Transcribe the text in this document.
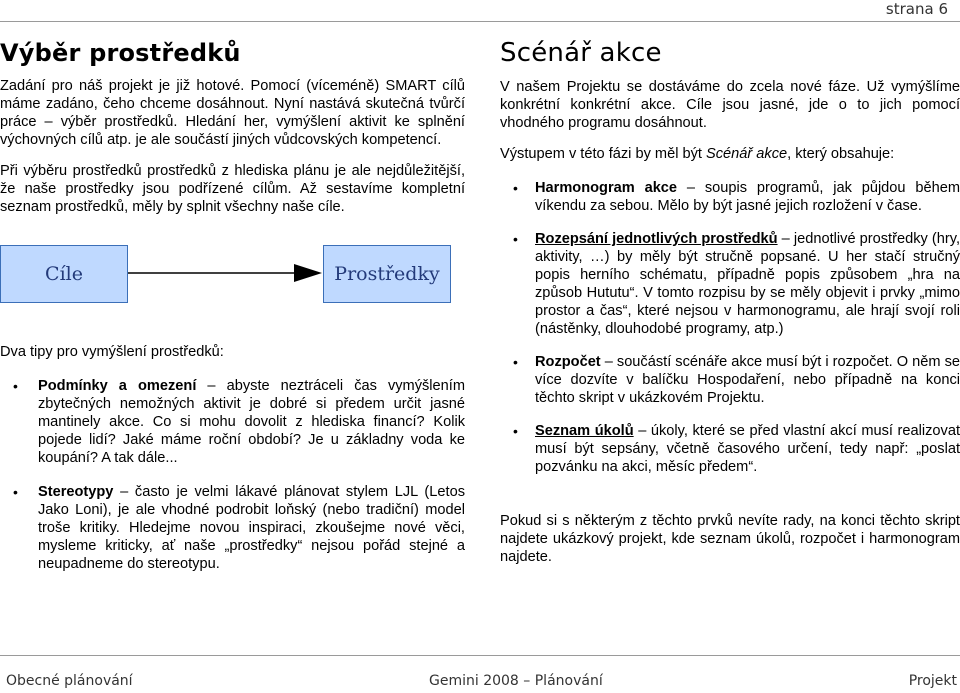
strana 6
Výběr prostředků

Zadání pro náš projekt je již hotové. Pomocí (víceméně) SMART cílů máme zadáno, čeho chceme dosáhnout. Nyní nastává skutečná tvůrčí práce – výběr prostředků. Hledání her, vymýšlení aktivit ke splnění výchovných cílů atp. je ale součástí jiných vůdcovských kompetencí.

Při výběru prostředků prostředků z hlediska plánu je ale nejdůležitější, že naše prostředky jsou podřízené cílům. Až sestavíme kompletní seznam prostředků, měly by splnit všechny naše cíle.

Cíle	Prostředky

Dva tipy pro vymýšlení prostředků:

• Podmínky a omezení – abyste neztráceli čas vymýšlením zbytečných nemožných aktivit je dobré si předem určit jasné mantinely akce. Co si mohu dovolit z hlediska financí? Kolik pojede lidí? Jaké máme roční období? Je u základny voda ke koupání? A tak dále...

• Stereotypy – často je velmi lákavé plánovat stylem LJL (Letos Jako Loni), je ale vhodné podrobit loňský (nebo tradiční) model troše kritiky. Hledejme novou inspiraci, zkoušejme nové věci, mysleme kriticky, ať naše „prostředky“ nejsou pořád stejné a neupadneme do stereotypu.

Scénář akce

V našem Projektu se dostáváme do zcela nové fáze. Už vymýšlíme konkrétní konkrétní akce. Cíle jsou jasné, jde o to jich pomocí vhodného programu dosáhnout.

Výstupem v této fázi by měl být Scénář akce, který obsahuje:

• Harmonogram akce – soupis programů, jak půjdou během víkendu za sebou. Mělo by být jasné jejich rozložení v čase.

• Rozepsání jednotlivých prostředků – jednotlivé prostředky (hry, aktivity, …) by měly být stručně popsané. U her stačí stručný popis herního schématu, případně popis způsobem „hra na způsob Hututu“. V tomto rozpisu by se měly objevit i prvky „mimo prostor a čas“, které nejsou v harmonogramu, ale hrají svojí roli (nástěnky, dlouhodobé programy, atp.)

• Rozpočet – součástí scénáře akce musí být i rozpočet. O něm se více dozvíte v balíčku Hospodaření, nebo případně na konci těchto skript v ukázkovém Projektu.

• Seznam úkolů – úkoly, které se před vlastní akcí musí realizovat musí být sepsány, včetně časového určení, tedy např: „poslat pozvánku na akci, měsíc předem“.

Pokud si s některým z těchto prvků nevíte rady, na konci těchto skript najdete ukázkový projekt, kde seznam úkolů, rozpočet i harmonogram najdete.

Obecné plánování	Gemini 2008 – Plánování	Projekt
